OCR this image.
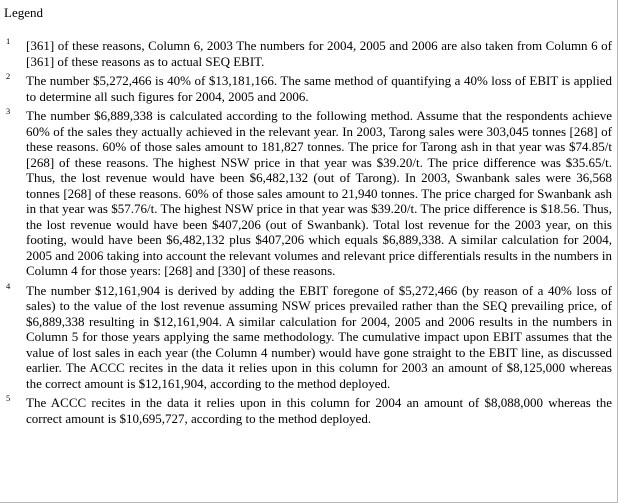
Legend
1 [361] of these reasons, Column 6, 2003 The numbers for 2004, 2005 and 2006 are also taken from Column 6 of [361] of these reasons as to actual SEQ EBIT.
2 The number $5,272,466 is 40% of $13,181,166. The same method of quantifying a 40% loss of EBIT is applied to determine all such figures for 2004, 2005 and 2006.
3 The number $6,889,338 is calculated according to the following method. Assume that the respondents achieve 60% of the sales they actually achieved in the relevant year. In 2003, Tarong sales were 303,045 tonnes [268] of these reasons. 60% of those sales amount to 181,827 tonnes. The price for Tarong ash in that year was $74.85/t [268] of these reasons. The highest NSW price in that year was $39.20/t. The price difference was $35.65/t. Thus, the lost revenue would have been $6,482,132 (out of Tarong). In 2003, Swanbank sales were 36,568 tonnes [268] of these reasons. 60% of those sales amount to 21,940 tonnes. The price charged for Swanbank ash in that year was $57.76/t. The highest NSW price in that year was $39.20/t. The price difference is $18.56. Thus, the lost revenue would have been $407,206 (out of Swanbank). Total lost revenue for the 2003 year, on this footing, would have been $6,482,132 plus $407,206 which equals $6,889,338. A similar calculation for 2004, 2005 and 2006 taking into account the relevant volumes and relevant price differentials results in the numbers in Column 4 for those years: [268] and [330] of these reasons.
4 The number $12,161,904 is derived by adding the EBIT foregone of $5,272,466 (by reason of a 40% loss of sales) to the value of the lost revenue assuming NSW prices prevailed rather than the SEQ prevailing price, of $6,889,338 resulting in $12,161,904. A similar calculation for 2004, 2005 and 2006 results in the numbers in Column 5 for those years applying the same methodology. The cumulative impact upon EBIT assumes that the value of lost sales in each year (the Column 4 number) would have gone straight to the EBIT line, as discussed earlier. The ACCC recites in the data it relies upon in this column for 2003 an amount of $8,125,000 whereas the correct amount is $12,161,904, according to the method deployed.
5 The ACCC recites in the data it relies upon in this column for 2004 an amount of $8,088,000 whereas the correct amount is $10,695,727, according to the method deployed.
